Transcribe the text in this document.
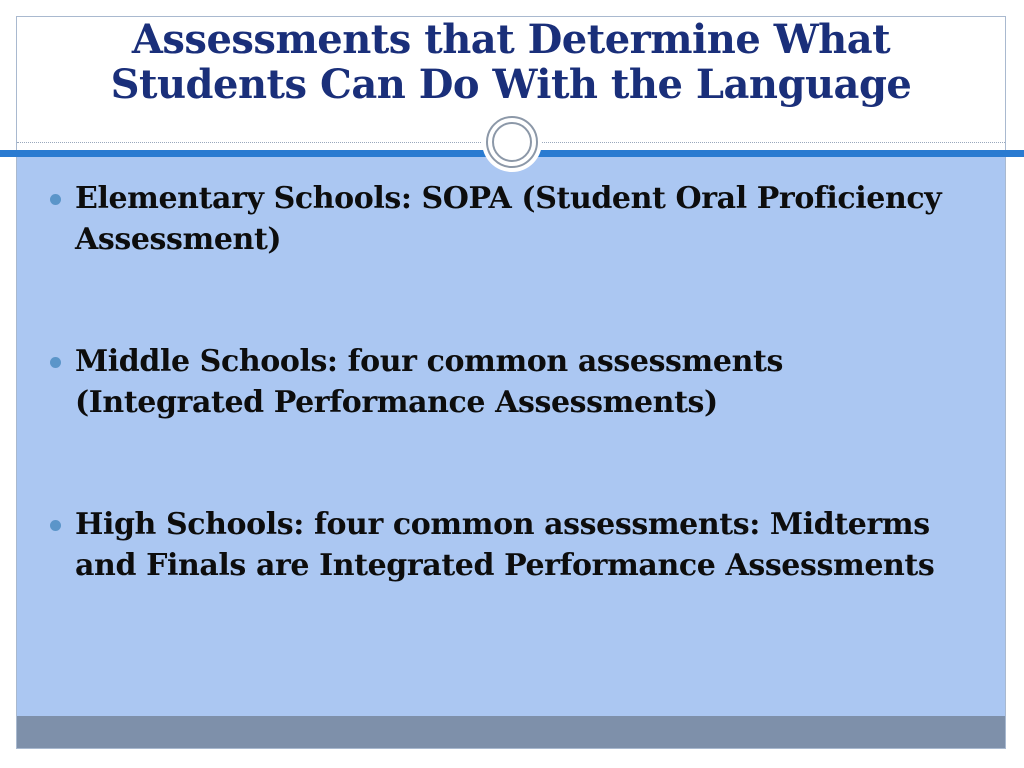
Assessments that Determine What
Students Can Do With the Language
Elementary Schools: SOPA (Student Oral Proficiency Assessment)
Middle Schools: four common assessments (Integrated Performance Assessments)
High Schools: four common assessments: Midterms and Finals are Integrated Performance Assessments
